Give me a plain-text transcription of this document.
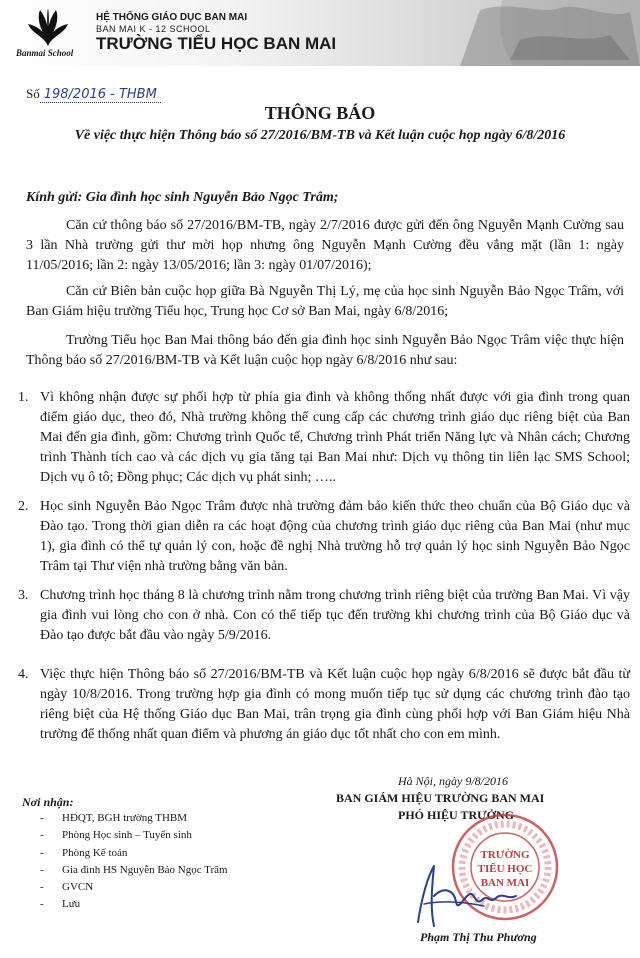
Banmai School
HỆ THỐNG GIÁO DỤC BAN MAI
BAN MAI K - 12 SCHOOL
TRƯỜNG TIỂU HỌC BAN MAI
Số 198/2016 - THBM
THÔNG BÁO
Về việc thực hiện Thông báo số 27/2016/BM-TB và Kết luận cuộc họp ngày 6/8/2016
Kính gửi: Gia đình học sinh Nguyễn Bảo Ngọc Trâm;

Căn cứ thông báo số 27/2016/BM-TB, ngày 2/7/2016 được gửi đến ông Nguyễn Mạnh Cường sau 3 lần Nhà trường gửi thư mời họp nhưng ông Nguyễn Mạnh Cường đều vắng mặt (lần 1: ngày 11/05/2016; lần 2: ngày 13/05/2016; lần 3: ngày 01/07/2016);

Căn cứ Biên bản cuộc họp giữa Bà Nguyễn Thị Lý, mẹ của học sinh Nguyễn Bảo Ngọc Trâm, với Ban Giám hiệu trường Tiểu học, Trung học Cơ sở Ban Mai, ngày 6/8/2016;

Trường Tiểu học Ban Mai thông báo đến gia đình học sinh Nguyễn Bảo Ngọc Trâm việc thực hiện Thông báo số 27/2016/BM-TB và Kết luận cuộc họp ngày 6/8/2016 như sau:

1. Vì không nhận được sự phối hợp từ phía gia đình và không thống nhất được với gia đình trong quan điểm giáo dục, theo đó, Nhà trường không thể cung cấp các chương trình giáo dục riêng biệt của Ban Mai đến gia đình, gồm: Chương trình Quốc tế, Chương trình Phát triển Năng lực và Nhân cách; Chương trình Thành tích cao và các dịch vụ gia tăng tại Ban Mai như: Dịch vụ thông tin liên lạc SMS School; Dịch vụ ô tô; Đồng phục; Các dịch vụ phát sinh; …..

2. Học sinh Nguyễn Bảo Ngọc Trâm được nhà trường đảm bảo kiến thức theo chuẩn của Bộ Giáo dục và Đào tạo. Trong thời gian diễn ra các hoạt động của chương trình giáo dục riêng của Ban Mai (như mục 1), gia đình có thể tự quản lý con, hoặc đề nghị Nhà trường hỗ trợ quản lý học sinh Nguyễn Bảo Ngọc Trâm tại Thư viện nhà trường bằng văn bản.

3. Chương trình học tháng 8 là chương trình nằm trong chương trình riêng biệt của trường Ban Mai. Vì vậy gia đình vui lòng cho con ở nhà. Con có thể tiếp tục đến trường khi chương trình của Bộ Giáo dục và Đào tạo được bắt đầu vào ngày 5/9/2016.

4. Việc thực hiện Thông báo số 27/2016/BM-TB và Kết luận cuộc họp ngày 6/8/2016 sẽ được bắt đầu từ ngày 10/8/2016. Trong trường hợp gia đình có mong muốn tiếp tục sử dụng các chương trình đào tạo riêng biệt của Hệ thống Giáo dục Ban Mai, trân trọng gia đình cùng phối hợp với Ban Giám hiệu Nhà trường để thống nhất quan điểm và phương án giáo dục tốt nhất cho con em mình.

Nơi nhận:
- HĐQT, BGH trường THBM
- Phòng Học sinh – Tuyển sinh
- Phòng Kế toán
- Gia đình HS Nguyễn Bảo Ngọc Trâm
- GVCN
- Lưu
Hà Nội, ngày 9/8/2016
BAN GIÁM HIỆU TRƯỜNG BAN MAI
PHÓ HIỆU TRƯỞNG
TRƯỜNG
TIỂU HỌC
BAN MAI
Phạm Thị Thu Phương
